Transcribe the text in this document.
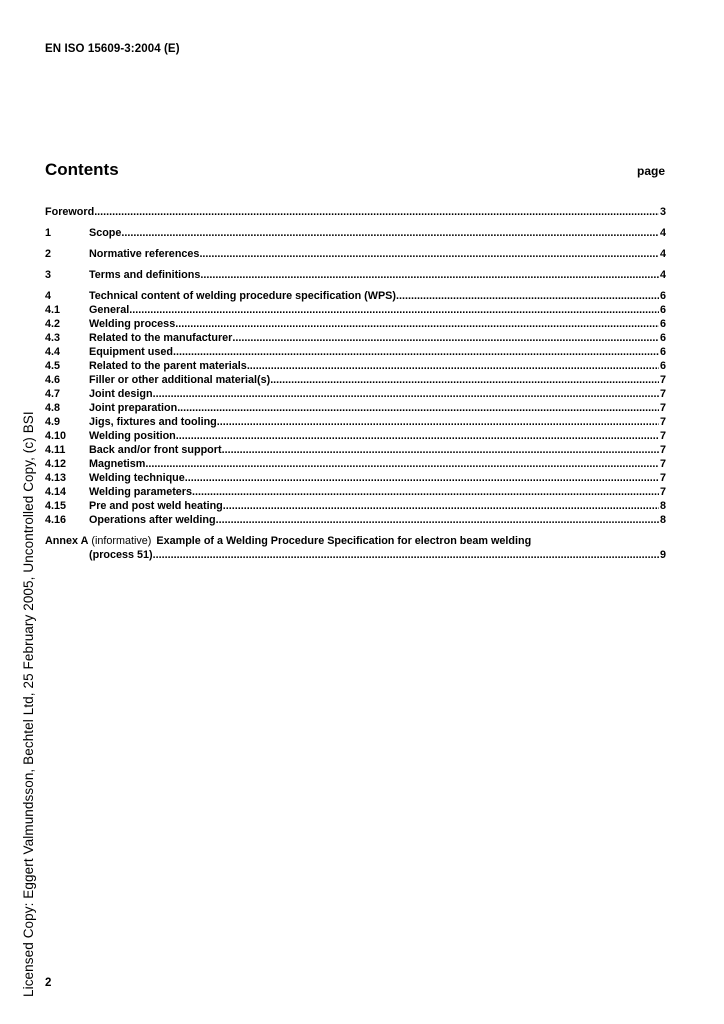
EN ISO 15609-3:2004 (E)
Contents	page
Foreword .....	3
1	Scope .....	4
2	Normative references .....	4
3	Terms and definitions .....	4
4	Technical content of welding procedure specification (WPS) .....	6
4.1	General .....	6
4.2	Welding process .....	6
4.3	Related to the manufacturer .....	6
4.4	Equipment used .....	6
4.5	Related to the parent materials .....	6
4.6	Filler or other additional material(s) .....	7
4.7	Joint design .....	7
4.8	Joint preparation .....	7
4.9	Jigs, fixtures and tooling .....	7
4.10	Welding position .....	7
4.11	Back and/or front support .....	7
4.12	Magnetism .....	7
4.13	Welding technique .....	7
4.14	Welding parameters .....	7
4.15	Pre and post weld heating .....	8
4.16	Operations after welding .....	8
Annex A (informative) Example of a Welding Procedure Specification for electron beam welding
(process 51) .....	9
Licensed Copy: Eggert Valmundsson, Bechtel Ltd, 25 February 2005, Uncontrolled Copy, (c) BSI 2
